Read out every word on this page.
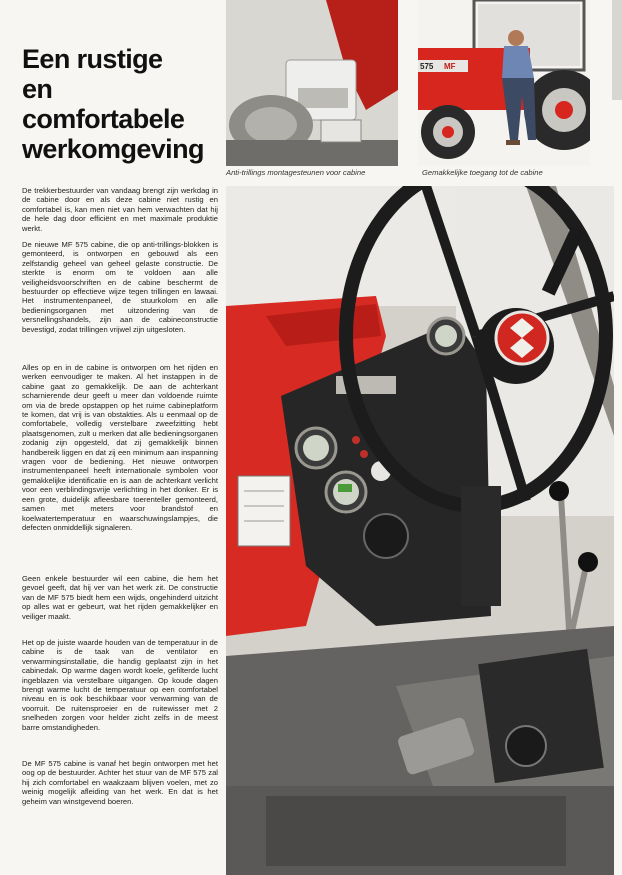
Een rustige
en
comfortabele
werkomgeving

De trekkerbestuurder van vandaag brengt zijn werkdag in de cabine door en als deze cabine niet rustig en comfortabel is, kan men niet van hem verwachten dat hij de hele dag door efficiënt en met maximale produktie werkt.

De nieuwe MF 575 cabine, die op anti-trillings-blokken is gemonteerd, is ontworpen en gebouwd als een zelfstandig geheel van geheel gelaste constructie. De sterkte is enorm om te voldoen aan alle veiligheidsvoorschriften en de cabine beschermt de bestuurder op effectieve wijze tegen trillingen en lawaai. Het instrumentenpaneel, de stuurkolom en alle bedieningsorganen met uitzondering van de versnellingshandels, zijn aan de cabineconstructie bevestigd, zodat trillingen vrijwel zijn uitgesloten.

Alles op en in de cabine is ontworpen om het rijden en werken eenvoudiger te maken. Al het instappen in de cabine gaat zo gemakkelijk. De aan de achterkant scharnierende deur geeft u meer dan voldoende ruimte om via de brede opstappen op het ruime cabineplatform te komen, dat vrij is van obstakties. Als u eenmaal op de comfortabele, volledig verstelbare zweefzitting hebt plaatsgenomen, zult u merken dat alle bedieningsorganen zodanig zijn opgesteld, dat zij gemakkelijk binnen handbereik liggen en dat zij een minimum aan inspanning vragen voor de bediening. Het nieuwe ontworpen instrumentenpaneel heeft internationale symbolen voor gemakkelijke identificatie en is aan de achterkant verlicht voor een verblindingsvrije verlichting in het donker. Er is een grote, duidelijk afleesbare toerenteller gemonteerd, samen met meters voor brandstof en koelwatertemperatuur en waarschuwingslampjes, die defecten onmiddellijk signaleren.

Geen enkele bestuurder wil een cabine, die hem het gevoel geeft, dat hij ver van het werk zit. De constructie van de MF 575 biedt hem een wijds, ongehinderd uitzicht op alles wat er gebeurt, wat het rijden gemakkelijker en veiliger maakt.

Het op de juiste waarde houden van de temperatuur in de cabine is de taak van de ventilator en verwarmingsinstallatie, die handig geplaatst zijn in het cabinedak. Op warme dagen wordt koele, gefilterde lucht ingeblazen via verstelbare uitgangen. Op koude dagen brengt warme lucht de temperatuur op een comfortabel niveau en is ook beschikbaar voor verwarming van de voorruit. De ruitensproeier en de ruitewisser met 2 snelheden zorgen voor helder zicht zelfs in de meest barre omstandigheden.

De MF 575 cabine is vanaf het begin ontworpen met het oog op de bestuurder. Achter het stuur van de MF 575 zal hij zich comfortabel en waakzaam blijven voelen, met zo weinig mogelijk afleiding van het werk. En dat is het geheim van winstgevend boeren.

Anti-trillings montagesteunen voor cabine
575 MF
Gemakkelijke toegang tot de cabine
